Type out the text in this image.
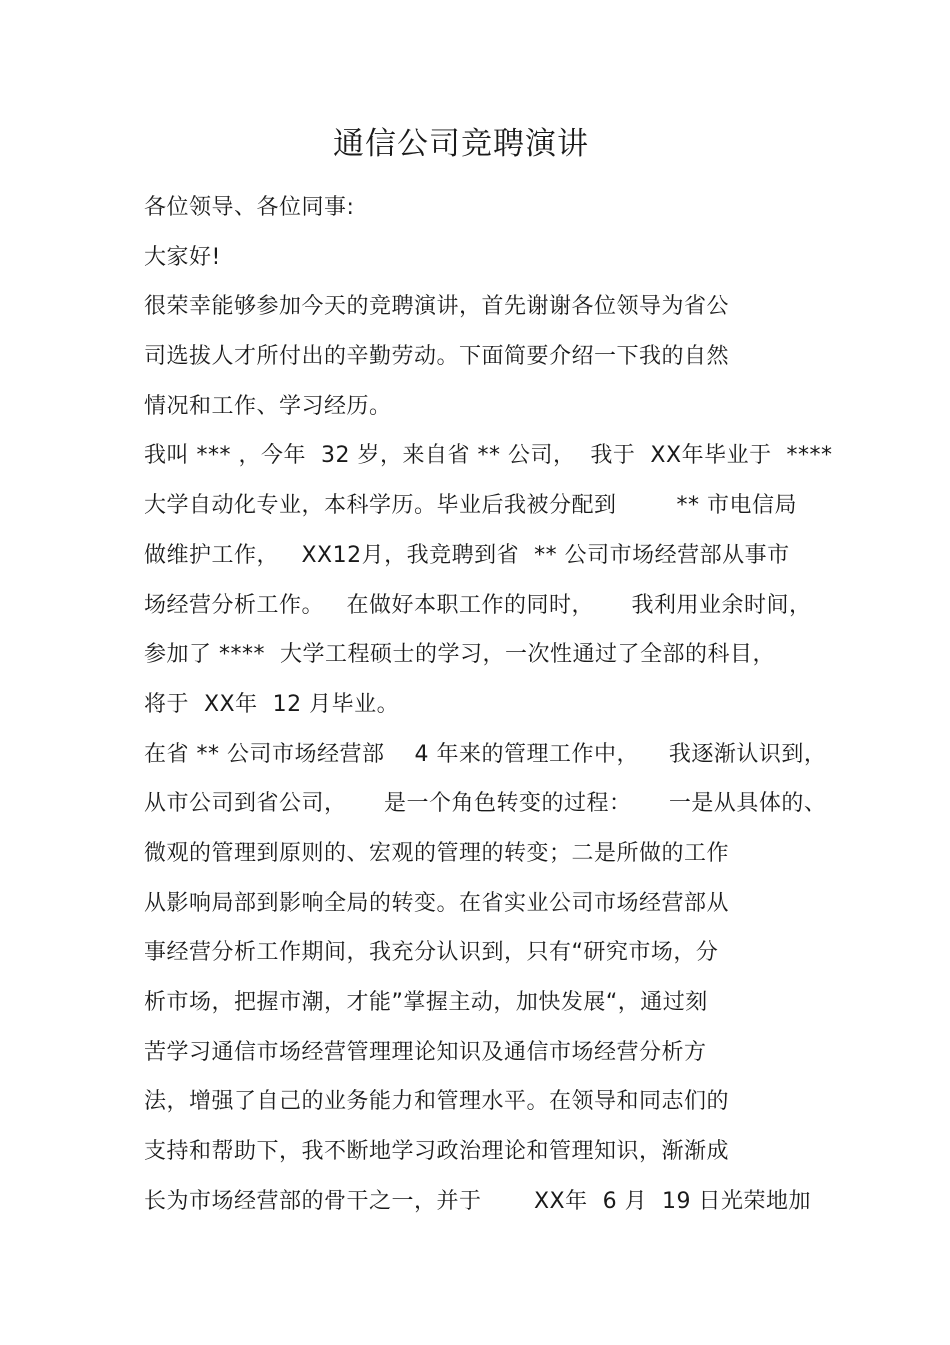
通信公司竞聘演讲
各位领导、各位同事:
大家好!
很荣幸能够参加今天的竞聘演讲，首先谢谢各位领导为省公
司选拔人才所付出的辛勤劳动。下面简要介绍一下我的自然
情况和工作、学习经历。
我叫 *** ，今年  32 岁，来自省 ** 公司，  我于  XX年毕业于  ****
大学自动化专业，本科学历。毕业后我被分配到        ** 市电信局
做维护工作，   XX12月，我竞聘到省  ** 公司市场经营部从事市
场经营分析工作。   在做好本职工作的同时，     我利用业余时间，
参加了 ****  大学工程硕士的学习，一次性通过了全部的科目，
将于  XX年  12 月毕业。
在省 ** 公司市场经营部    4 年来的管理工作中，    我逐渐认识到，
从市公司到省公司，     是一个角色转变的过程：     一是从具体的、
微观的管理到原则的、宏观的管理的转变；二是所做的工作
从影响局部到影响全局的转变。在省实业公司市场经营部从
事经营分析工作期间，我充分认识到，只有“研究市场，分
析市场，把握市潮，才能”掌握主动，加快发展“，通过刻
苦学习通信市场经营管理理论知识及通信市场经营分析方
法，增强了自己的业务能力和管理水平。在领导和同志们的
支持和帮助下，我不断地学习政治理论和管理知识，渐渐成
长为市场经营部的骨干之一，并于       XX年  6 月  19 日光荣地加
